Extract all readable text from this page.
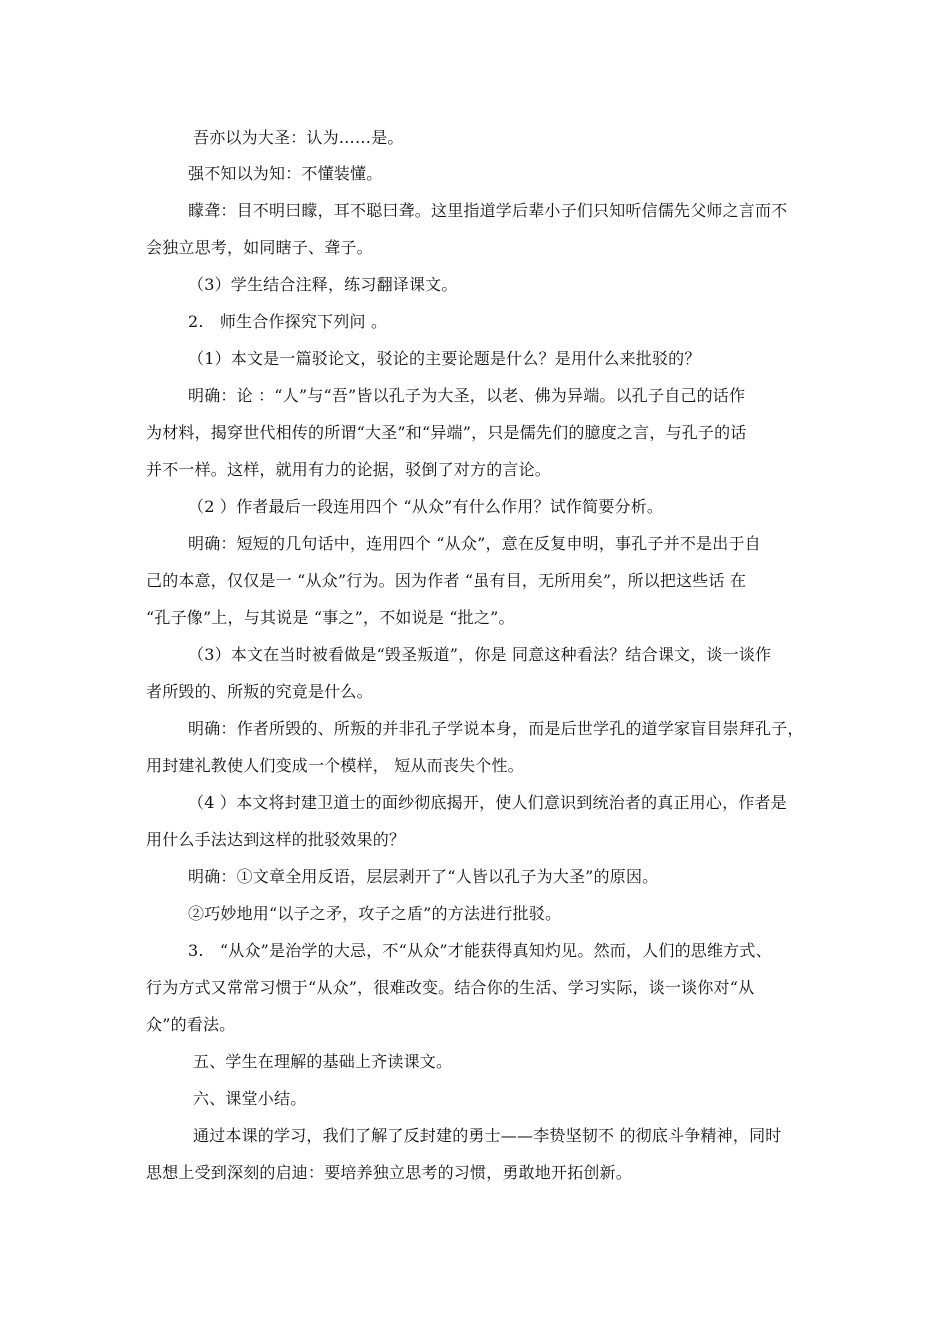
吾亦以为大圣：认为……是。
强不知以为知：不懂装懂。
矇聋：目不明曰矇，耳不聪曰聋。这里指道学后辈小子们只知听信儒先父师之言而不
会独立思考，如同瞎子、聋子。
（3）学生结合注释，练习翻译课文。
2.　师生合作探究下列问 。
（1）本文是一篇驳论文，驳论的主要论题是什么？是用什么来批驳的？
明确：论 ：“人”与“吾”皆以孔子为大圣，以老、佛为异端。以孔子自己的话作
为材料，揭穿世代相传的所谓“大圣”和“异端”，只是儒先们的臆度之言，与孔子的话
并不一样。这样，就用有力的论据，驳倒了对方的言论。
（2 ）作者最后一段连用四个 “从众”有什么作用？试作简要分析。
明确：短短的几句话中，连用四个 “从众”，意在反复申明，事孔子并不是出于自
己的本意，仅仅是一 “从众”行为。因为作者 “虽有目，无所用矣”，所以把这些话 在
“孔子像”上，与其说是 “事之”，不如说是 “批之”。
（3）本文在当时被看做是“毁圣叛道”，你是 同意这种看法？结合课文，谈一谈作
者所毁的、所叛的究竟是什么。
明确：作者所毁的、所叛的并非孔子学说本身，而是后世学孔的道学家盲目崇拜孔子，
用封建礼教使人们变成一个模样， 短从而丧失个性。
（4 ）本文将封建卫道士的面纱彻底揭开，使人们意识到统治者的真正用心，作者是
用什么手法达到这样的批驳效果的？
明确：①文章全用反语，层层剥开了“人皆以孔子为大圣”的原因。
②巧妙地用“以子之矛，攻子之盾”的方法进行批驳。
3.　“从众”是治学的大忌，不“从众”才能获得真知灼见。然而，人们的思维方式、
行为方式又常常习惯于“从众”，很难改变。结合你的生活、学习实际，谈一谈你对“从
众”的看法。
五、学生在理解的基础上齐读课文。
六、课堂小结。
通过本课的学习，我们了解了反封建的勇士——李贽坚韧不 的彻底斗争精神，同时
思想上受到深刻的启迪：要培养独立思考的习惯，勇敢地开拓创新。
